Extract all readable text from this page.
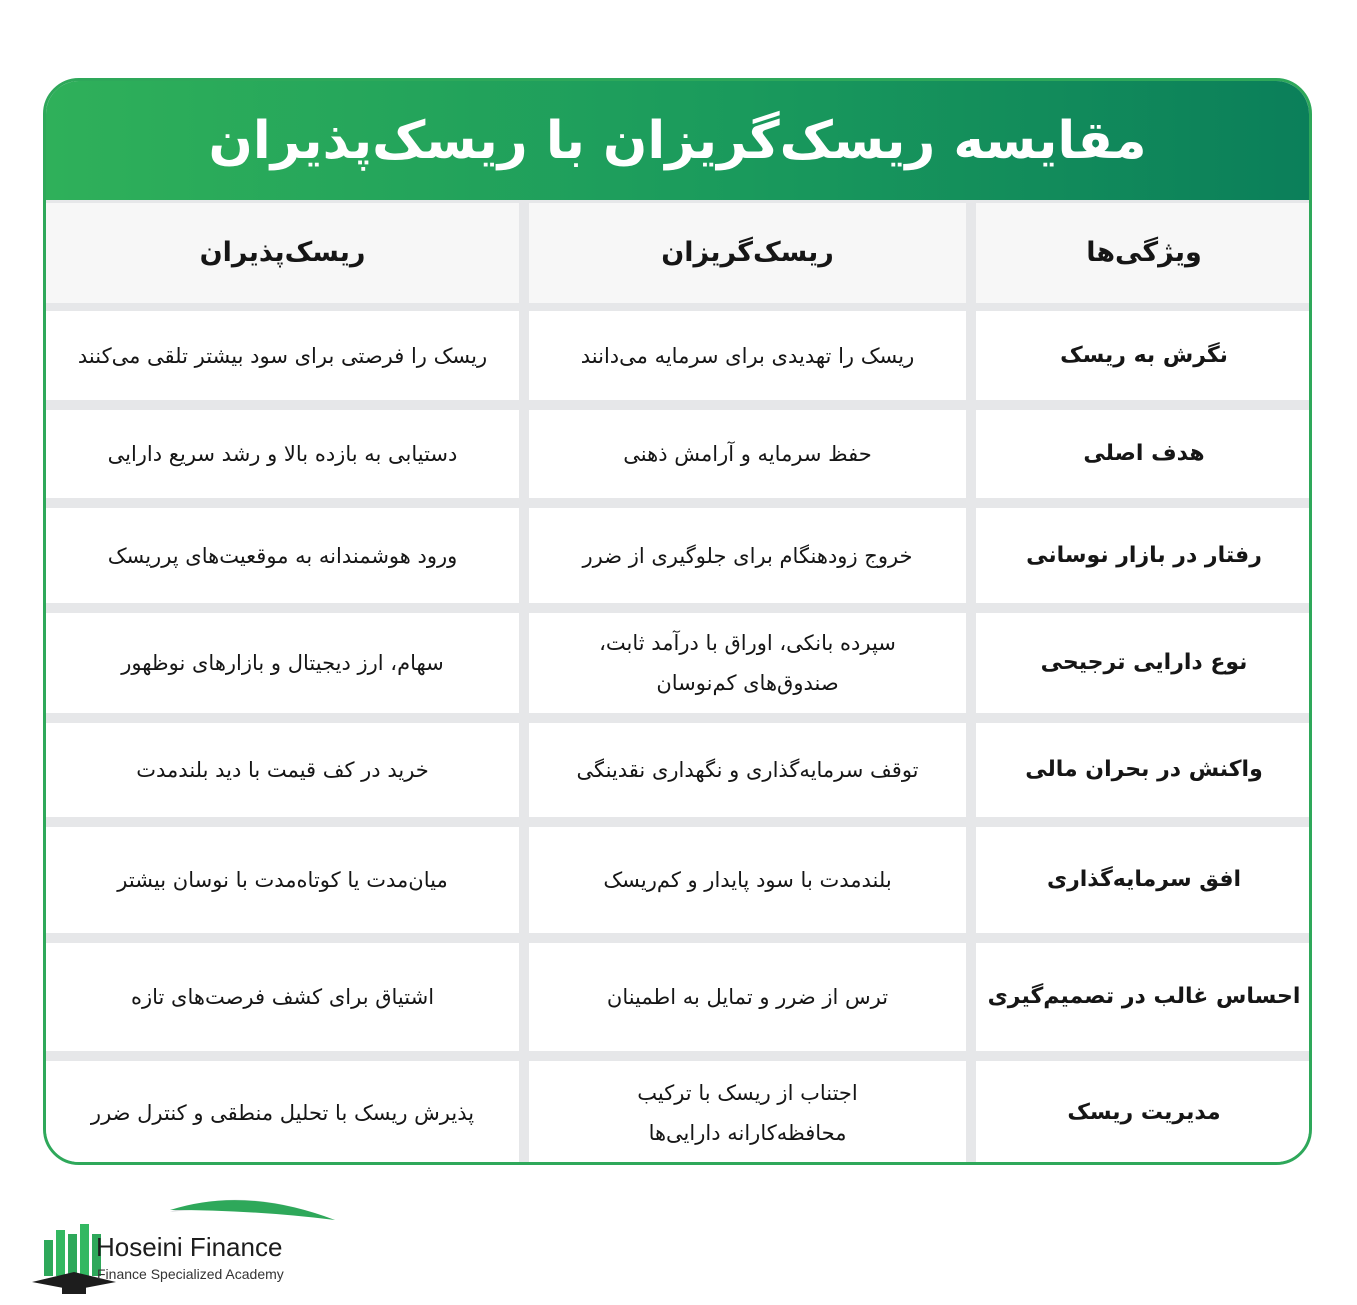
مقایسه ریسک‌گریزان با ریسک‌پذیران
ویژگی‌ها
ریسک‌گریزان
ریسک‌پذیران
نگرش به ریسک
ریسک را تهدیدی برای سرمایه می‌دانند
ریسک را فرصتی برای سود بیشتر تلقی می‌کنند
هدف اصلی
حفظ سرمایه و آرامش ذهنی
دستیابی به بازده بالا و رشد سریع دارایی
رفتار در بازار نوسانی
خروج زودهنگام برای جلوگیری از ضرر
ورود هوشمندانه به موقعیت‌های پرریسک
نوع دارایی ترجیحی
سپرده بانکی، اوراق با درآمد ثابت،
صندوق‌های کم‌نوسان
سهام، ارز دیجیتال و بازارهای نوظهور
واکنش در بحران مالی
توقف سرمایه‌گذاری و نگهداری نقدینگی
خرید در کف قیمت با دید بلندمدت
افق سرمایه‌گذاری
بلندمدت با سود پایدار و کم‌ریسک
میان‌مدت یا کوتاه‌مدت با نوسان بیشتر
احساس غالب در تصمیم‌گیری
ترس از ضرر و تمایل به اطمینان
اشتیاق برای کشف فرصت‌های تازه
مدیریت ریسک
اجتناب از ریسک با ترکیب
محافظه‌کارانه دارایی‌ها
پذیرش ریسک با تحلیل منطقی و کنترل ضرر
Hoseini Finance
Finance Specialized Academy
